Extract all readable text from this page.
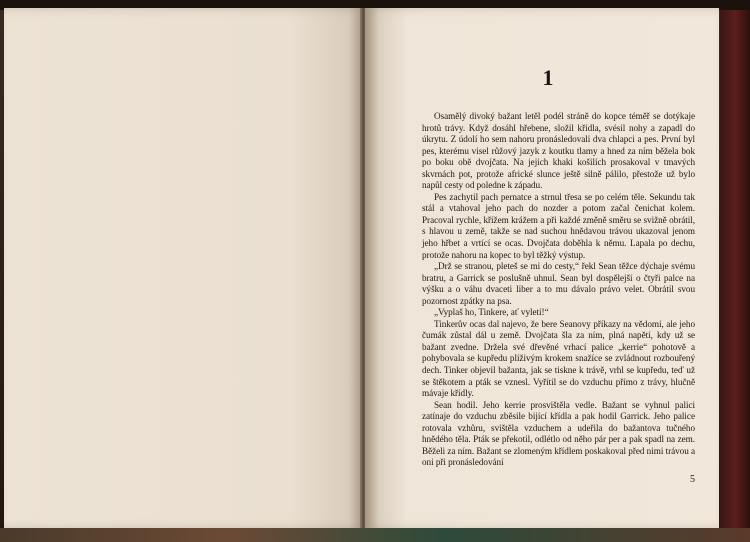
1

Osamělý divoký bažant letěl podél stráně do kopce téměř se dotýkaje hrotů trávy. Když dosáhl hřebene, složil křídla, svésil nohy a zapadl do úkrytu. Z údolí ho sem nahoru pronásledovali dva chlapci a pes. První byl pes, kterému visel růžový jazyk z koutku tlamy a hned za ním běžela bok po boku obě dvojčata. Na jejich khaki košilích prosakoval v tmavých skvrnách pot, protože africké slunce ještě silně pálilo, přestože už bylo napůl cesty od poledne k západu.

Pes zachytil pach pernatce a strnul třesa se po celém těle. Sekundu tak stál a vtahoval jeho pach do nozder a potom začal čenichat kolem. Pracoval rychle, křížem krážem a při každé změně směru se svižně obrátil, s hlavou u země, takže se nad suchou hnědavou trávou ukazoval jenom jeho hřbet a vrtící se ocas. Dvojčata doběhla k němu. Lapala po dechu, protože nahoru na kopec to byl těžký výstup.

„Drž se stranou, pleteš se mi do cesty,“ řekl Sean těžce dýchaje svému bratru, a Garrick se poslušně uhnul. Sean byl dospělejší o čtyři palce na výšku a o váhu dvaceti liber a to mu dávalo právo velet. Obrátil svou pozornost zpátky na psa.

„Vyplaš ho, Tinkere, ať vyletí!“

Tinkerův ocas dal najevo, že bere Seanovy příkazy na vědomí, ale jeho čumák zůstal dál u země. Dvojčata šla za ním, plná napětí, kdy už se bažant zvedne. Držela své dřevěné vrhací palice „kerrie“ pohotově a pohybovala se kupředu plíživým krokem snažíce se zvládnout rozbouřený dech. Tinker objevil bažanta, jak se tiskne k trávě, vrhl se kupředu, teď už se štěkotem a pták se vznesl. Vyřítil se do vzduchu přímo z trávy, hlučně mávaje křídly.

Sean hodil. Jeho kerrie prosvištěla vedle. Bažant se vyhnul palici zatínaje do vzduchu zběsile bijící křídla a pak hodil Garrick. Jeho palice rotovala vzhůru, svištěla vzduchem a udeřila do bažantova tučného hnědého těla. Pták se překotil, odlétlo od něho pár per a pak spadl na zem. Běželi za ním. Bažant se zlomeným křídlem poskakoval před nimi trávou a oni při pronásledování

5
